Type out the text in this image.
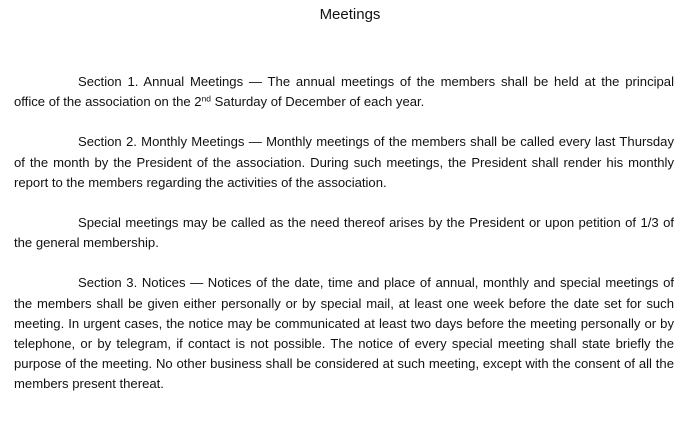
Meetings

Section 1. Annual Meetings — The annual meetings of the members shall be held at the principal office of the association on the 2nd Saturday of December of each year.

Section 2. Monthly Meetings — Monthly meetings of the members shall be called every last Thursday of the month by the President of the association. During such meetings, the President shall render his monthly report to the members regarding the activities of the association.

Special meetings may be called as the need thereof arises by the President or upon petition of 1/3 of the general membership.

Section 3. Notices — Notices of the date, time and place of annual, monthly and special meetings of the members shall be given either personally or by special mail, at least one week before the date set for such meeting. In urgent cases, the notice may be communicated at least two days before the meeting personally or by telephone, or by telegram, if contact is not possible. The notice of every special meeting shall state briefly the purpose of the meeting. No other business shall be considered at such meeting, except with the consent of all the members present thereat.
